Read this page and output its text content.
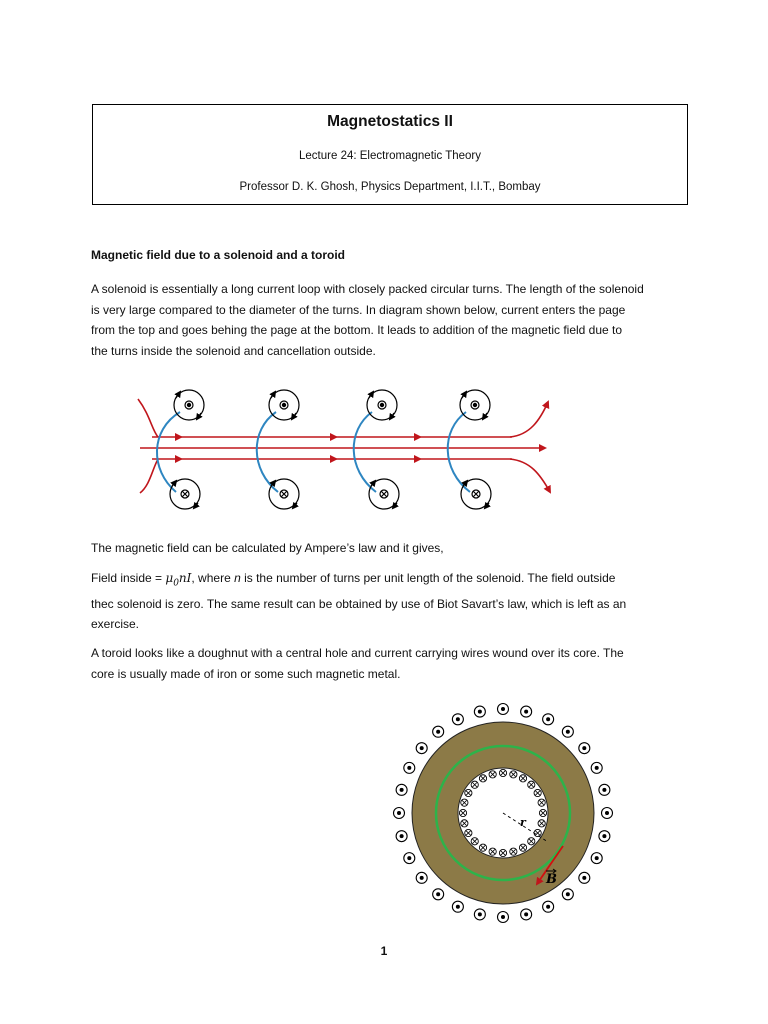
Magnetostatics II
Lecture 24: Electromagnetic Theory
Professor D. K. Ghosh, Physics Department, I.I.T., Bombay
Magnetic field due to a solenoid and a toroid
A solenoid is essentially a long current loop with closely packed circular turns. The length of the solenoid
is very large compared to the diameter of the turns. In diagram shown below, current enters the page
from the top and goes behing the page at the bottom. It leads to addition of the magnetic field due to
the turns inside the solenoid and cancellation outside.
r
B
The magnetic field can be calculated by Ampere’s law and it gives,
Field inside = $\mu_0nI$, where n is the number of turns per unit length of the solenoid. The field outside
thec solenoid is zero. The same result can be obtained by use of Biot Savart’s law, which is left as an
exercise.
A toroid looks like a doughnut with a central hole and current carrying wires wound over its core. The
core is usually made of iron or some such magnetic metal.
1
